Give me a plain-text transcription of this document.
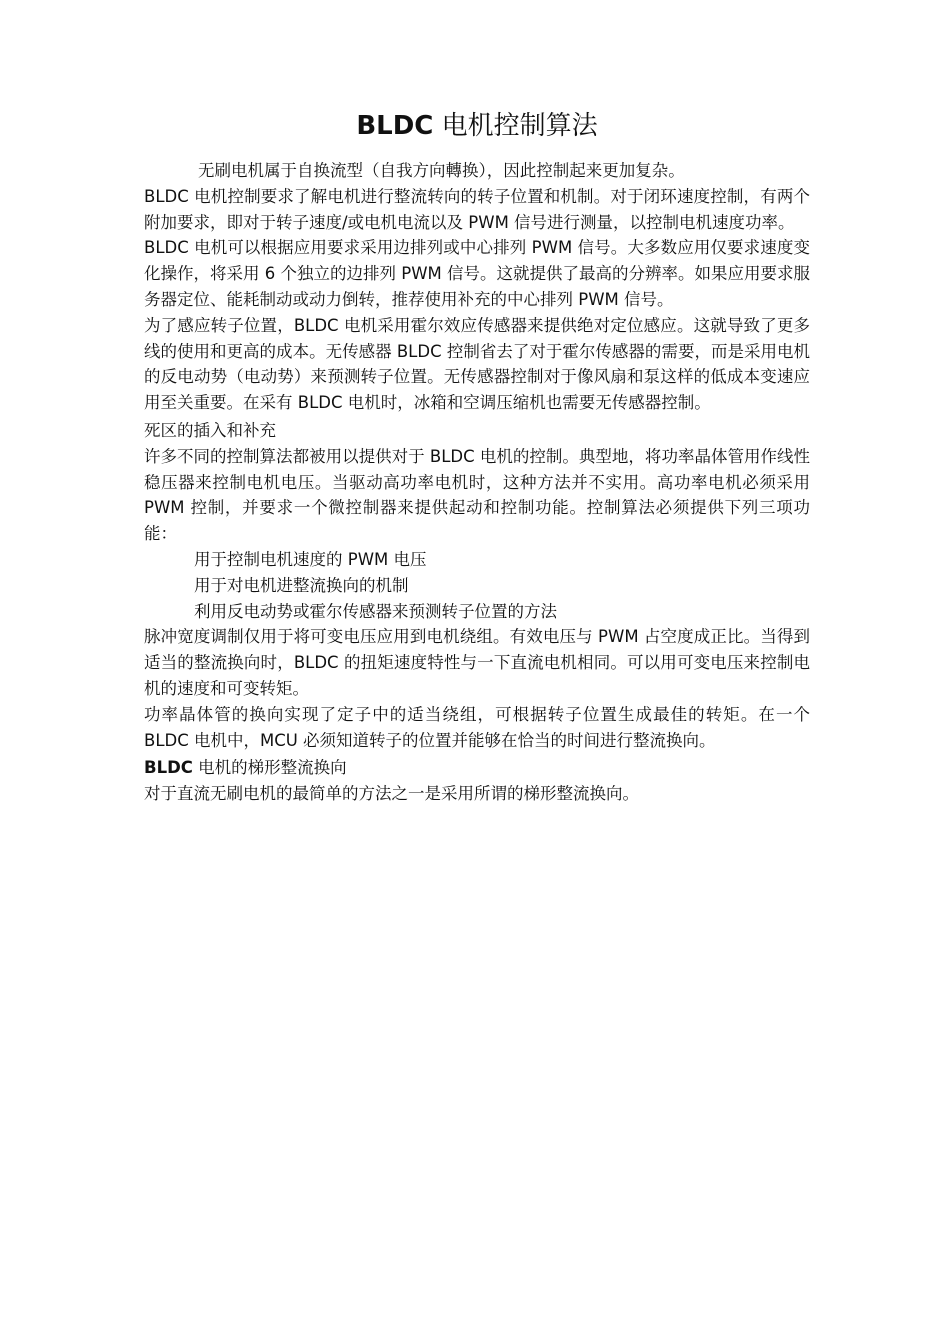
BLDC 电机控制算法

无刷电机属于自换流型（自我方向轉换），因此控制起来更加复杂。

BLDC 电机控制要求了解电机进行整流转向的转子位置和机制。对于闭环速度控制，有两个附加要求，即对于转子速度/或电机电流以及 PWM 信号进行测量，以控制电机速度功率。

BLDC 电机可以根据应用要求采用边排列或中心排列 PWM 信号。大多数应用仅要求速度变化操作，将采用 6 个独立的边排列 PWM 信号。这就提供了最高的分辨率。如果应用要求服务器定位、能耗制动或动力倒转，推荐使用补充的中心排列 PWM 信号。

为了感应转子位置，BLDC 电机采用霍尔效应传感器来提供绝对定位感应。这就导致了更多线的使用和更高的成本。无传感器 BLDC 控制省去了对于霍尔传感器的需要，而是采用电机的反电动势（电动势）来预测转子位置。无传感器控制对于像风扇和泵这样的低成本变速应用至关重要。在采有 BLDC 电机时，冰箱和空调压缩机也需要无传感器控制。

死区的插入和补充

许多不同的控制算法都被用以提供对于 BLDC 电机的控制。典型地，将功率晶体管用作线性稳压器来控制电机电压。当驱动高功率电机时，这种方法并不实用。高功率电机必须采用 PWM 控制，并要求一个微控制器来提供起动和控制功能。控制算法必须提供下列三项功能：

用于控制电机速度的 PWM 电压

用于对电机进整流换向的机制

利用反电动势或霍尔传感器来预测转子位置的方法

脉冲宽度调制仅用于将可变电压应用到电机绕组。有效电压与 PWM 占空度成正比。当得到适当的整流换向时，BLDC 的扭矩速度特性与一下直流电机相同。可以用可变电压来控制电机的速度和可变转矩。

功率晶体管的换向实现了定子中的适当绕组，可根据转子位置生成最佳的转矩。在一个 BLDC 电机中，MCU 必须知道转子的位置并能够在恰当的时间进行整流换向。

BLDC 电机的梯形整流换向

对于直流无刷电机的最简单的方法之一是采用所谓的梯形整流换向。
